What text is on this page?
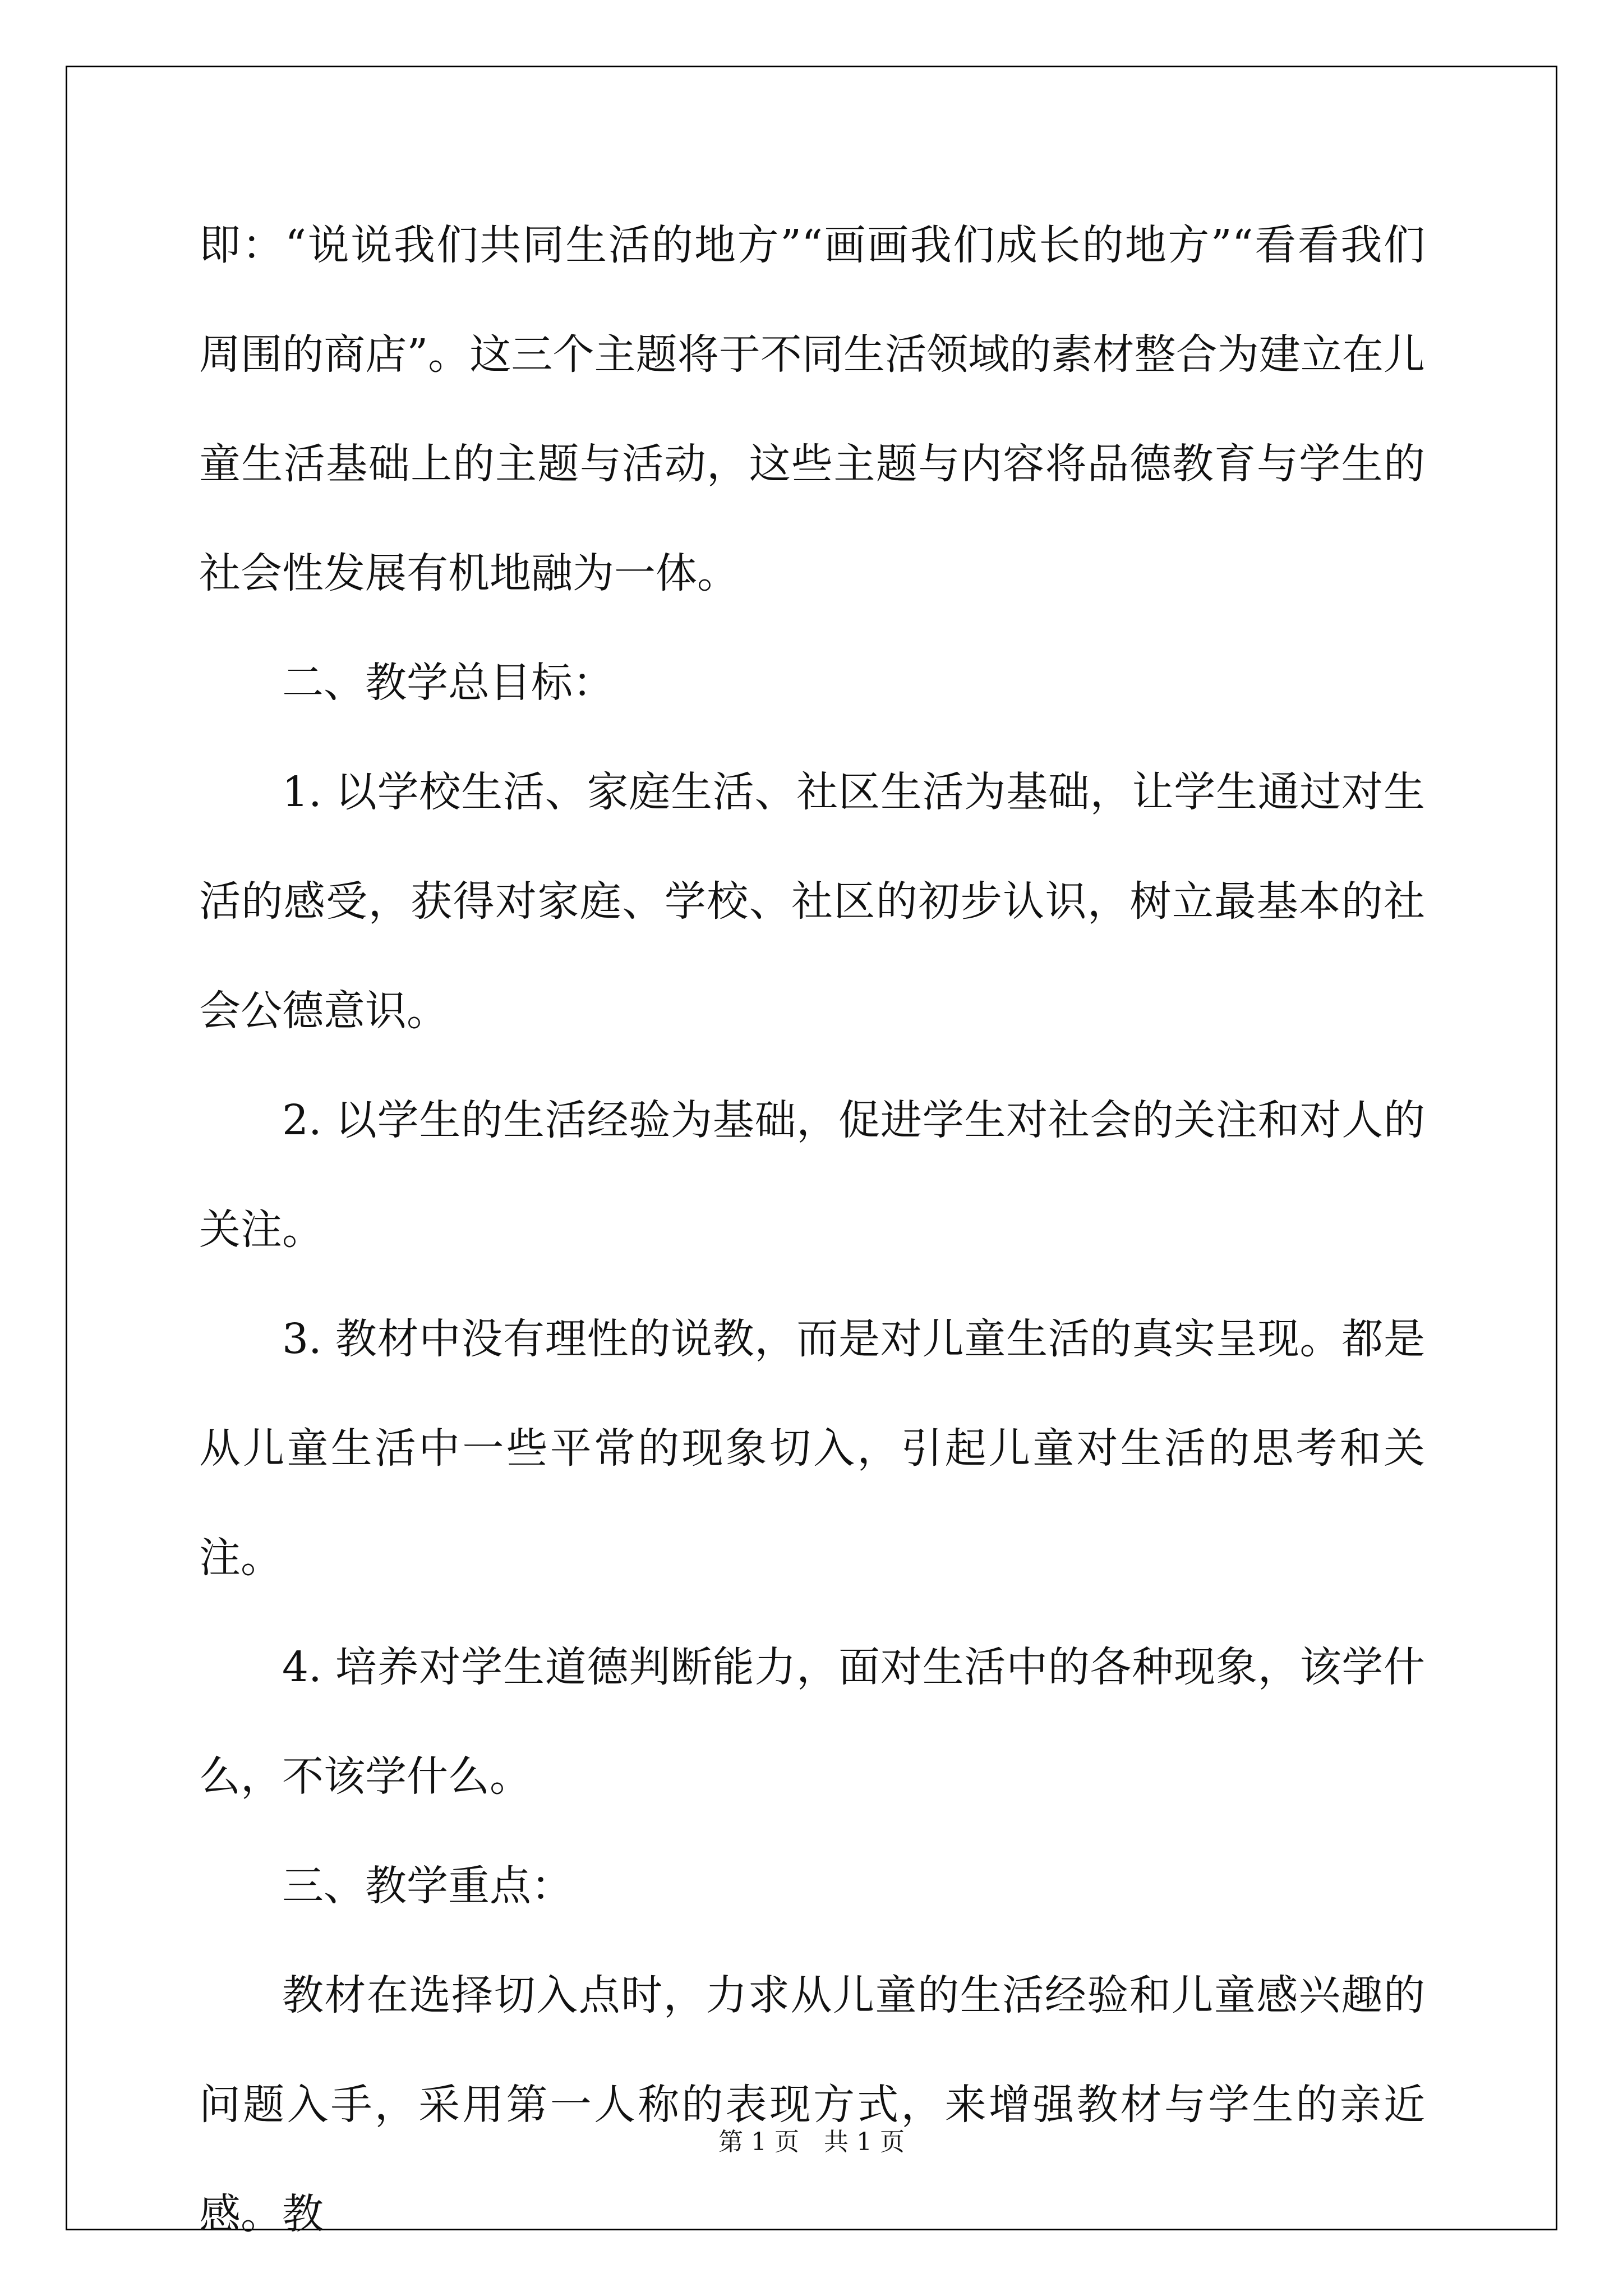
即：“说说我们共同生活的地方”“画画我们成长的地方”“看看我们周围的商店”。这三个主题将于不同生活领域的素材整合为建立在儿童生活基础上的主题与活动，这些主题与内容将品德教育与学生的社会性发展有机地融为一体。

二、教学总目标：

1. 以学校生活、家庭生活、社区生活为基础，让学生通过对生活的感受，获得对家庭、学校、社区的初步认识，树立最基本的社会公德意识。

2. 以学生的生活经验为基础，促进学生对社会的关注和对人的关注。

3. 教材中没有理性的说教，而是对儿童生活的真实呈现。都是从儿童生活中一些平常的现象切入，引起儿童对生活的思考和关注。

4. 培养对学生道德判断能力，面对生活中的各种现象，该学什么，不该学什么。

三、教学重点：

教材在选择切入点时，力求从儿童的生活经验和儿童感兴趣的问题入手，采用第一人称的表现方式，来增强教材与学生的亲近感。教

第 1 页　共 1 页
